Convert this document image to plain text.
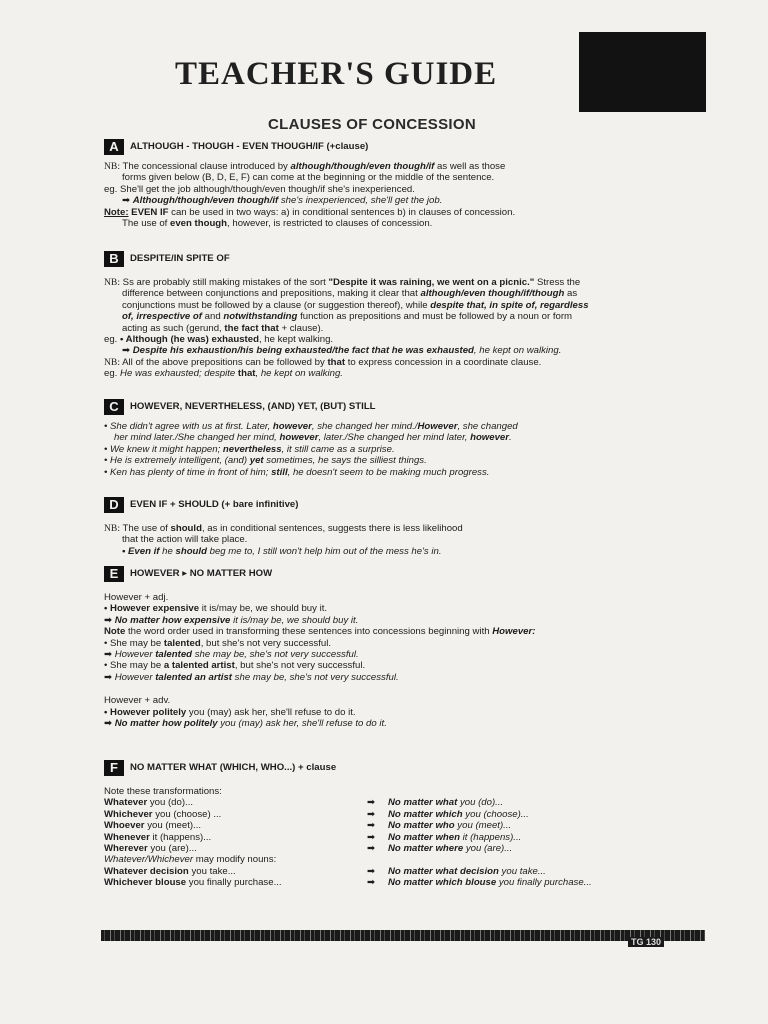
TEACHER'S GUIDE
CLAUSES OF CONCESSION
A	ALTHOUGH - THOUGH - EVEN THOUGH/IF (+clause)
NB: The concessional clause introduced by although/though/even though/if as well as those
forms given below (B, D, E, F) can come at the beginning or the middle of the sentence.
eg. She'll get the job although/though/even though/if she's inexperienced.
➡ Although/though/even though/if she's inexperienced, she'll get the job.
Note: EVEN IF can be used in two ways: a) in conditional sentences b) in clauses of concession.
The use of even though, however, is restricted to clauses of concession.
B	DESPITE/IN SPITE OF
NB: Ss are probably still making mistakes of the sort "Despite it was raining, we went on a picnic." Stress the
difference between conjunctions and prepositions, making it clear that although/even though/if/though as
conjunctions must be followed by a clause (or suggestion thereof), while despite that, in spite of, regardless
of, irrespective of and notwithstanding function as prepositions and must be followed by a noun or form
acting as such (gerund, the fact that + clause).
eg. • Although (he was) exhausted, he kept walking.
➡ Despite his exhaustion/his being exhausted/the fact that he was exhausted, he kept on walking.
NB: All of the above prepositions can be followed by that to express concession in a coordinate clause.
eg. He was exhausted; despite that, he kept on walking.
C	HOWEVER, NEVERTHELESS, (AND) YET, (BUT) STILL
• She didn't agree with us at first. Later, however, she changed her mind./However, she changed
her mind later./She changed her mind, however, later./She changed her mind later, however.
• We knew it might happen; nevertheless, it still came as a surprise.
• He is extremely intelligent, (and) yet sometimes, he says the silliest things.
• Ken has plenty of time in front of him; still, he doesn't seem to be making much progress.
D	EVEN IF + SHOULD (+ bare infinitive)
NB: The use of should, as in conditional sentences, suggests there is less likelihood
that the action will take place.
• Even if he should beg me to, I still won't help him out of the mess he's in.
E	HOWEVER ▸ NO MATTER HOW
However + adj.
• However expensive it is/may be, we should buy it.
➡ No matter how expensive it is/may be, we should buy it.
Note the word order used in transforming these sentences into concessions beginning with However:
• She may be talented, but she's not very successful.
➡ However talented she may be, she's not very successful.
• She may be a talented artist, but she's not very successful.
➡ However talented an artist she may be, she's not very successful.
However + adv.
• However politely you (may) ask her, she'll refuse to do it.
➡ No matter how politely you (may) ask her, she'll refuse to do it.
F	NO MATTER WHAT (WHICH, WHO...) + clause
Note these transformations:
Whatever you (do)...	➡	No matter what you (do)...
Whichever you (choose) ...	➡	No matter which you (choose)...
Whoever you (meet)...	➡	No matter who you (meet)...
Whenever it (happens)...	➡	No matter when it (happens)...
Wherever you (are)...	➡	No matter where you (are)...
Whatever/Whichever may modify nouns:
Whatever decision you take...	➡	No matter what decision you take...
Whichever blouse you finally purchase...	➡	No matter which blouse you finally purchase...
TG 130
